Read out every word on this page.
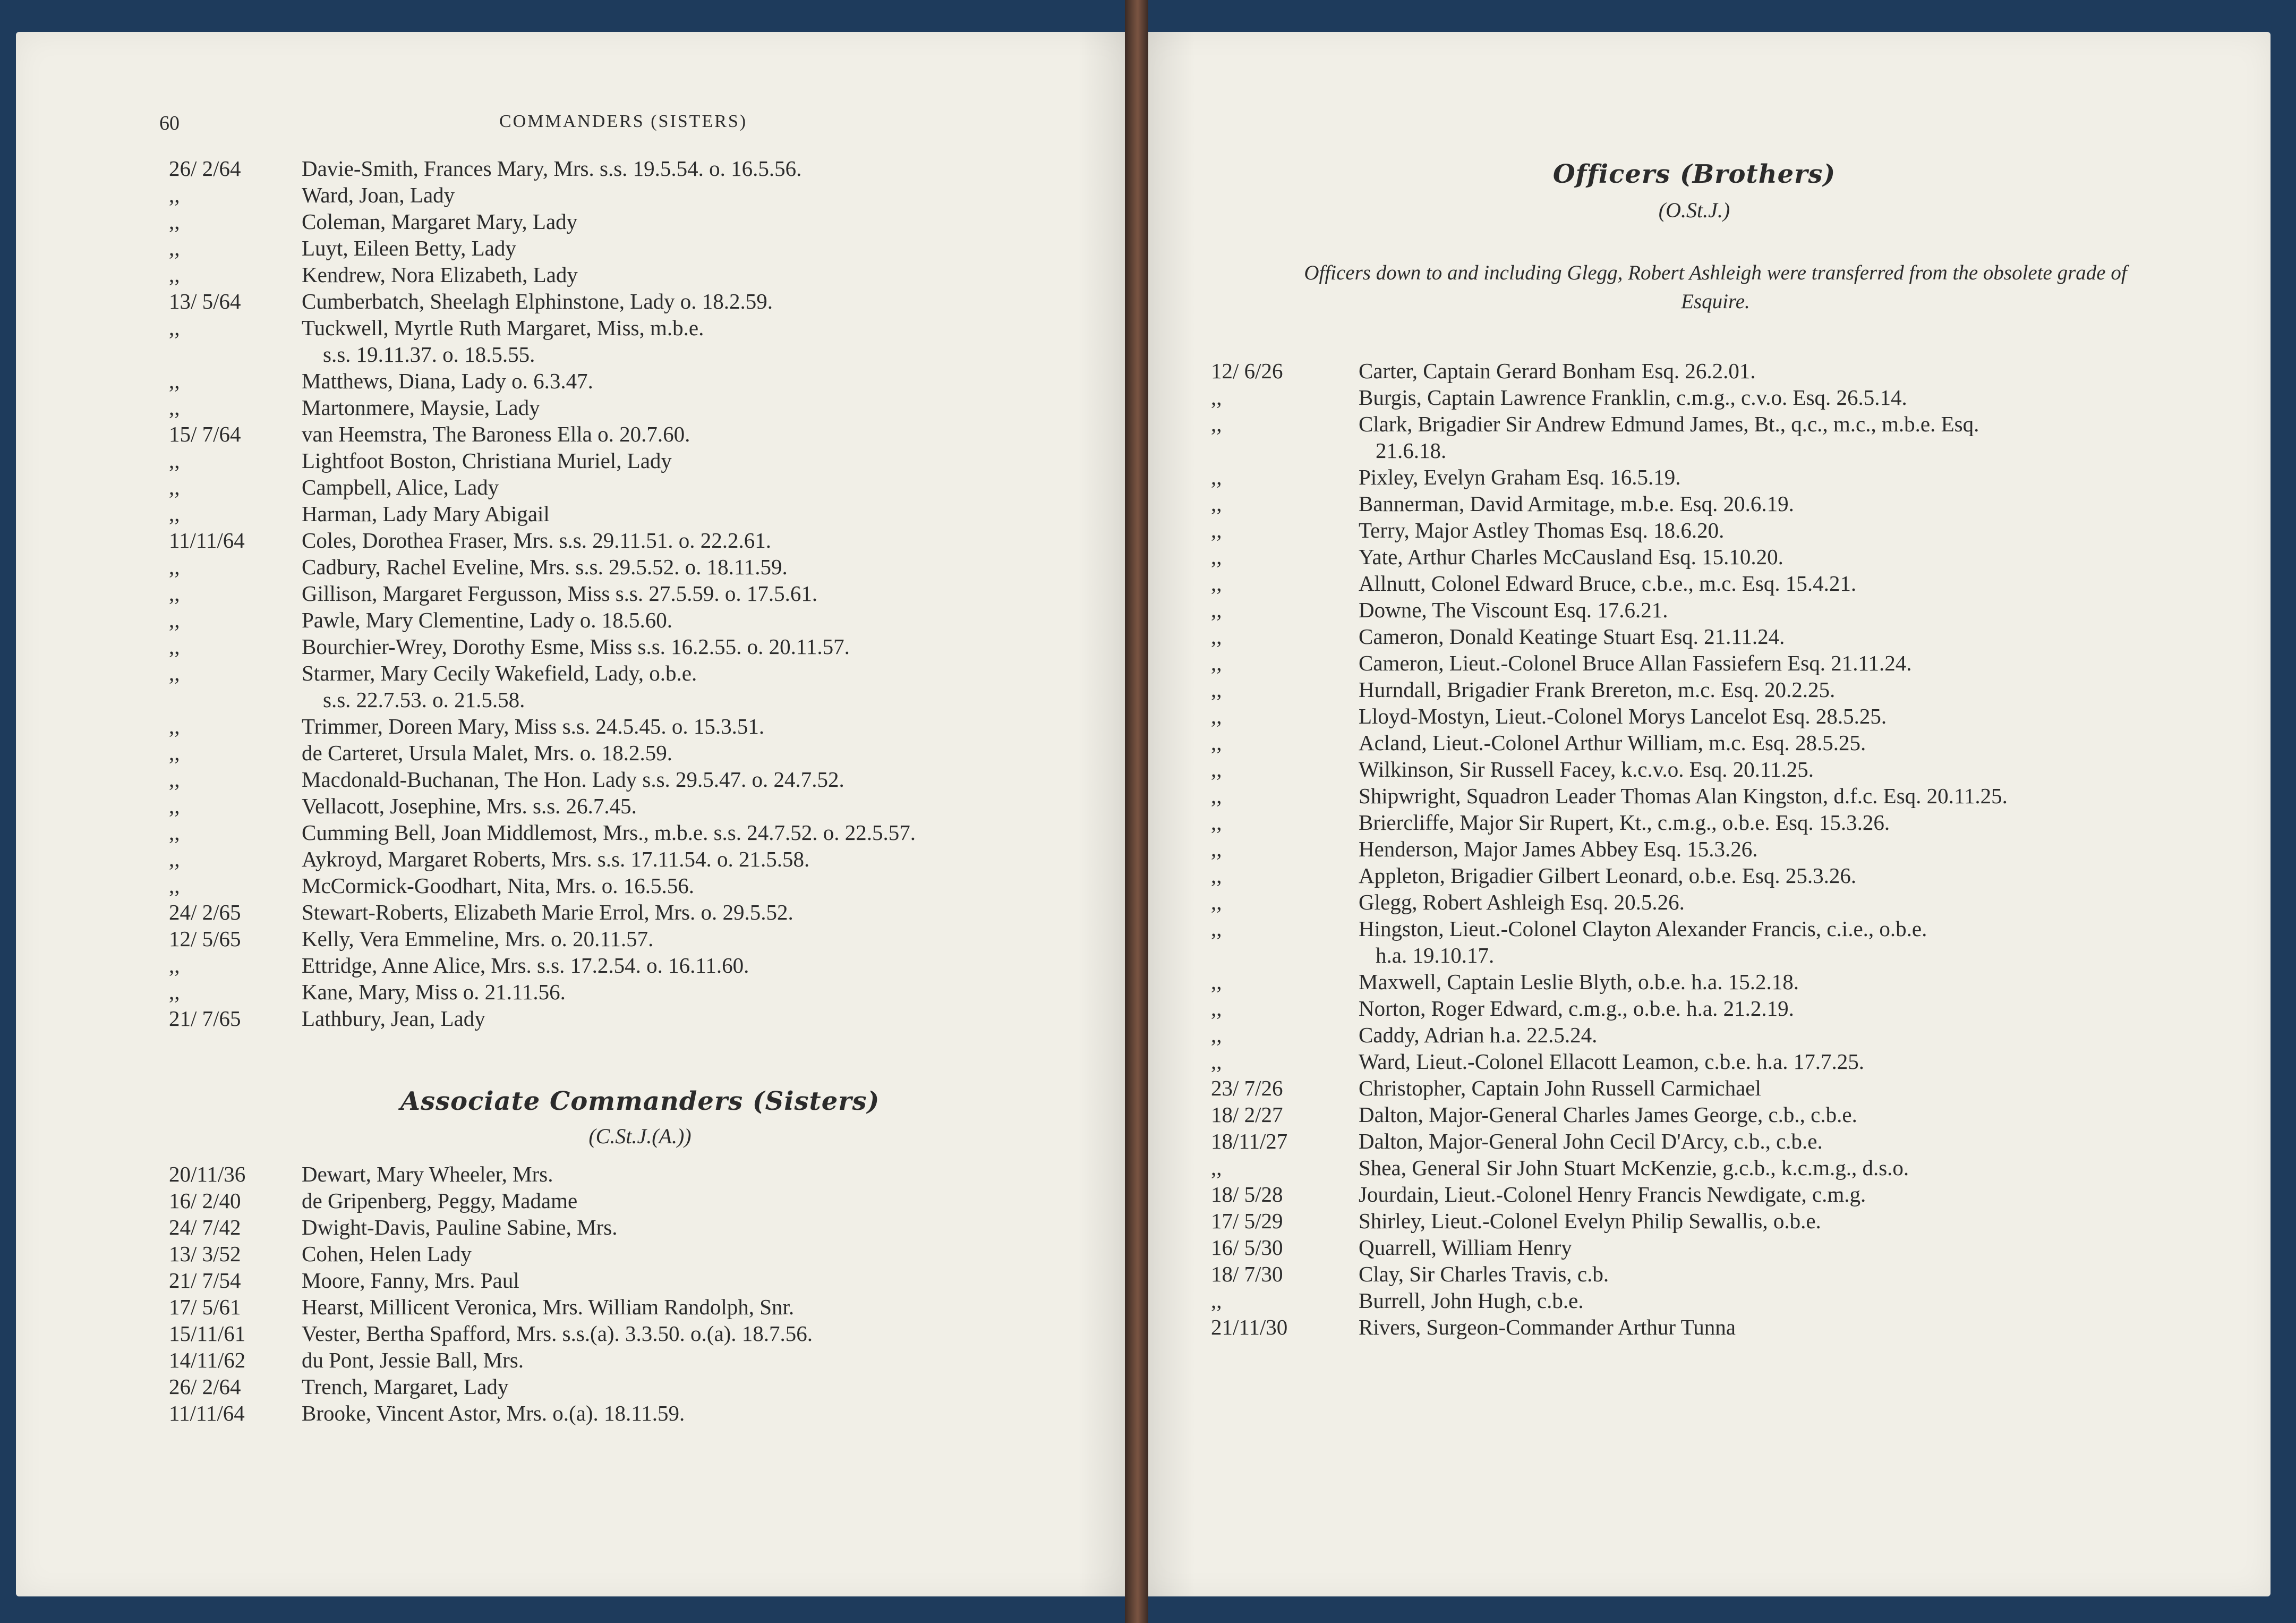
60	COMMANDERS (SISTERS)
26/ 2/64	Davie-Smith, Frances Mary, Mrs. s.s. 19.5.54. o. 16.5.56.
,,	Ward, Joan, Lady
,,	Coleman, Margaret Mary, Lady
,,	Luyt, Eileen Betty, Lady
,,	Kendrew, Nora Elizabeth, Lady
13/ 5/64	Cumberbatch, Sheelagh Elphinstone, Lady o. 18.2.59.
,,	Tuckwell, Myrtle Ruth Margaret, Miss, m.b.e.
s.s. 19.11.37. o. 18.5.55.
,,	Matthews, Diana, Lady o. 6.3.47.
,,	Martonmere, Maysie, Lady
15/ 7/64	van Heemstra, The Baroness Ella o. 20.7.60.
,,	Lightfoot Boston, Christiana Muriel, Lady
,,	Campbell, Alice, Lady
,,	Harman, Lady Mary Abigail
11/11/64	Coles, Dorothea Fraser, Mrs. s.s. 29.11.51. o. 22.2.61.
,,	Cadbury, Rachel Eveline, Mrs. s.s. 29.5.52. o. 18.11.59.
,,	Gillison, Margaret Fergusson, Miss s.s. 27.5.59. o. 17.5.61.
,,	Pawle, Mary Clementine, Lady o. 18.5.60.
,,	Bourchier-Wrey, Dorothy Esme, Miss s.s. 16.2.55. o. 20.11.57.
,,	Starmer, Mary Cecily Wakefield, Lady, o.b.e.
s.s. 22.7.53. o. 21.5.58.
,,	Trimmer, Doreen Mary, Miss s.s. 24.5.45. o. 15.3.51.
,,	de Carteret, Ursula Malet, Mrs. o. 18.2.59.
,,	Macdonald-Buchanan, The Hon. Lady s.s. 29.5.47. o. 24.7.52.
,,	Vellacott, Josephine, Mrs. s.s. 26.7.45.
,,	Cumming Bell, Joan Middlemost, Mrs., m.b.e. s.s. 24.7.52. o. 22.5.57.
,,	Aykroyd, Margaret Roberts, Mrs. s.s. 17.11.54. o. 21.5.58.
,,	McCormick-Goodhart, Nita, Mrs. o. 16.5.56.
24/ 2/65	Stewart-Roberts, Elizabeth Marie Errol, Mrs. o. 29.5.52.
12/ 5/65	Kelly, Vera Emmeline, Mrs. o. 20.11.57.
,,	Ettridge, Anne Alice, Mrs. s.s. 17.2.54. o. 16.11.60.
,,	Kane, Mary, Miss o. 21.11.56.
21/ 7/65	Lathbury, Jean, Lady
Associate Commanders (Sisters)
(C.St.J.(A.))
20/11/36	Dewart, Mary Wheeler, Mrs.
16/ 2/40	de Gripenberg, Peggy, Madame
24/ 7/42	Dwight-Davis, Pauline Sabine, Mrs.
13/ 3/52	Cohen, Helen Lady
21/ 7/54	Moore, Fanny, Mrs. Paul
17/ 5/61	Hearst, Millicent Veronica, Mrs. William Randolph, Snr.
15/11/61	Vester, Bertha Spafford, Mrs. s.s.(a). 3.3.50. o.(a). 18.7.56.
14/11/62	du Pont, Jessie Ball, Mrs.
26/ 2/64	Trench, Margaret, Lady
11/11/64	Brooke, Vincent Astor, Mrs. o.(a). 18.11.59.
Officers (Brothers)
(O.St.J.)
Officers down to and including Glegg, Robert Ashleigh were transferred from the obsolete grade of Esquire.
12/ 6/26	Carter, Captain Gerard Bonham Esq. 26.2.01.
,,	Burgis, Captain Lawrence Franklin, c.m.g., c.v.o. Esq. 26.5.14.
,,	Clark, Brigadier Sir Andrew Edmund James, Bt., q.c., m.c., m.b.e. Esq.
21.6.18.
,,	Pixley, Evelyn Graham Esq. 16.5.19.
,,	Bannerman, David Armitage, m.b.e. Esq. 20.6.19.
,,	Terry, Major Astley Thomas Esq. 18.6.20.
,,	Yate, Arthur Charles McCausland Esq. 15.10.20.
,,	Allnutt, Colonel Edward Bruce, c.b.e., m.c. Esq. 15.4.21.
,,	Downe, The Viscount Esq. 17.6.21.
,,	Cameron, Donald Keatinge Stuart Esq. 21.11.24.
,,	Cameron, Lieut.-Colonel Bruce Allan Fassiefern Esq. 21.11.24.
,,	Hurndall, Brigadier Frank Brereton, m.c. Esq. 20.2.25.
,,	Lloyd-Mostyn, Lieut.-Colonel Morys Lancelot Esq. 28.5.25.
,,	Acland, Lieut.-Colonel Arthur William, m.c. Esq. 28.5.25.
,,	Wilkinson, Sir Russell Facey, k.c.v.o. Esq. 20.11.25.
,,	Shipwright, Squadron Leader Thomas Alan Kingston, d.f.c. Esq. 20.11.25.
,,	Briercliffe, Major Sir Rupert, Kt., c.m.g., o.b.e. Esq. 15.3.26.
,,	Henderson, Major James Abbey Esq. 15.3.26.
,,	Appleton, Brigadier Gilbert Leonard, o.b.e. Esq. 25.3.26.
,,	Glegg, Robert Ashleigh Esq. 20.5.26.
,,	Hingston, Lieut.-Colonel Clayton Alexander Francis, c.i.e., o.b.e.
h.a. 19.10.17.
,,	Maxwell, Captain Leslie Blyth, o.b.e. h.a. 15.2.18.
,,	Norton, Roger Edward, c.m.g., o.b.e. h.a. 21.2.19.
,,	Caddy, Adrian h.a. 22.5.24.
,,	Ward, Lieut.-Colonel Ellacott Leamon, c.b.e. h.a. 17.7.25.
23/ 7/26	Christopher, Captain John Russell Carmichael
18/ 2/27	Dalton, Major-General Charles James George, c.b., c.b.e.
18/11/27	Dalton, Major-General John Cecil D'Arcy, c.b., c.b.e.
,,	Shea, General Sir John Stuart McKenzie, g.c.b., k.c.m.g., d.s.o.
18/ 5/28	Jourdain, Lieut.-Colonel Henry Francis Newdigate, c.m.g.
17/ 5/29	Shirley, Lieut.-Colonel Evelyn Philip Sewallis, o.b.e.
16/ 5/30	Quarrell, William Henry
18/ 7/30	Clay, Sir Charles Travis, c.b.
,,	Burrell, John Hugh, c.b.e.
21/11/30	Rivers, Surgeon-Commander Arthur Tunna
